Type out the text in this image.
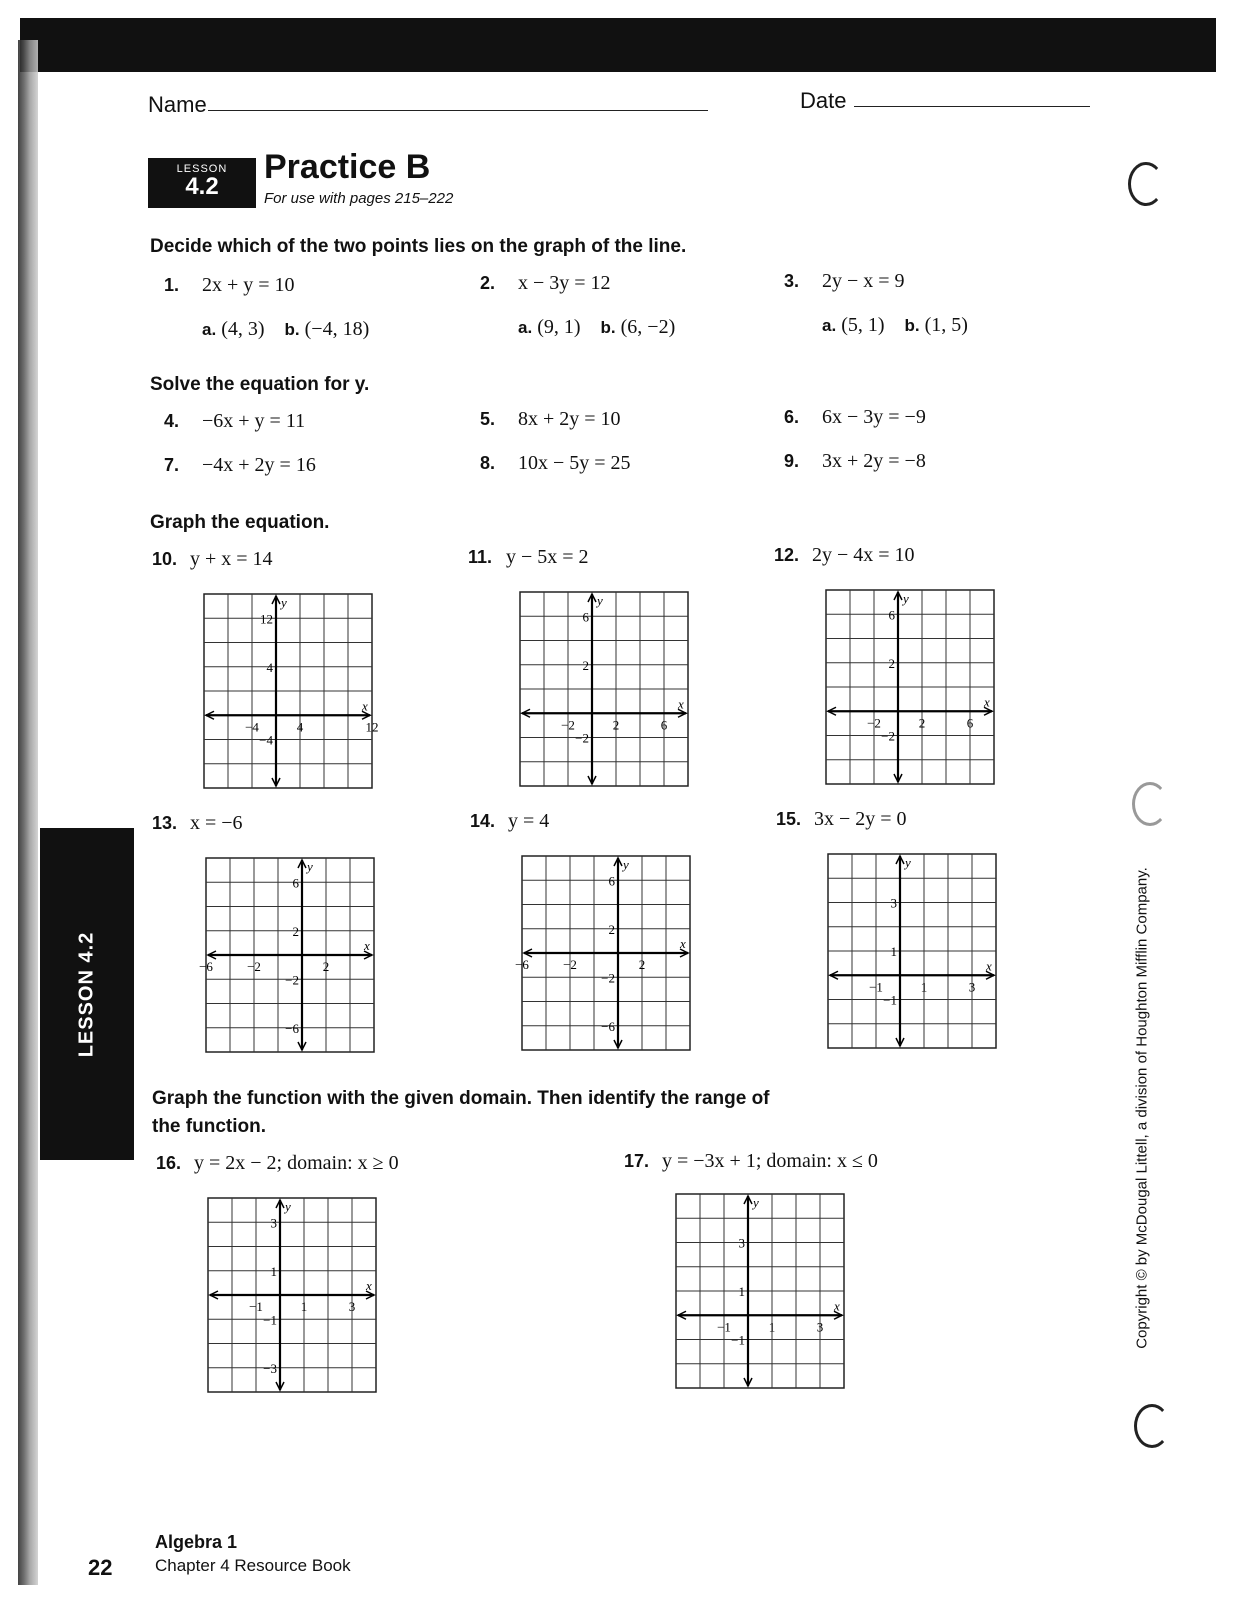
Name	Date
LESSON
4.2
Practice B
For use with pages 215–222
Decide which of the two points lies on the graph of the line.
1. 2x + y = 10	2. x − 3y = 12	3. 2y − x = 9
a. (4, 3) b. (−4, 18)	a. (9, 1) b. (6, −2)	a. (5, 1) b. (1, 5)
Solve the equation for y.
4. −6x + y = 11	5. 8x + 2y = 10	6. 6x − 3y = −9
7. −4x + 2y = 16	8. 10x − 5y = 25	9. 3x + 2y = −8
Graph the equation.
10. y + x = 14	11. y − 5x = 2	12. 2y − 4x = 10
y
x
12
4
−4
−4	4	12
y
x
6
2
−2
−2	2	6
y
x
6
2
−2
−2	2	6
13. x = −6	14. y = 4	15. 3x − 2y = 0
y
x
6
2
−2
−6
−6	−2	2
y
x
6
2
−2
−6
−6	−2	2
y
x
3
1
−1
−1	1	3
Graph the function with the given domain. Then identify the range of
the function.
16. y = 2x − 2; domain: x ≥ 0	17. y = −3x + 1; domain: x ≤ 0
y
x
3
1
−1
−3
−1	1	3
y
x
3
1
−1
−1	1	3
LESSON 4.2	Copyright © by McDougal Littell, a division of Houghton Mifflin Company.
22
Algebra 1
Chapter 4 Resource Book
